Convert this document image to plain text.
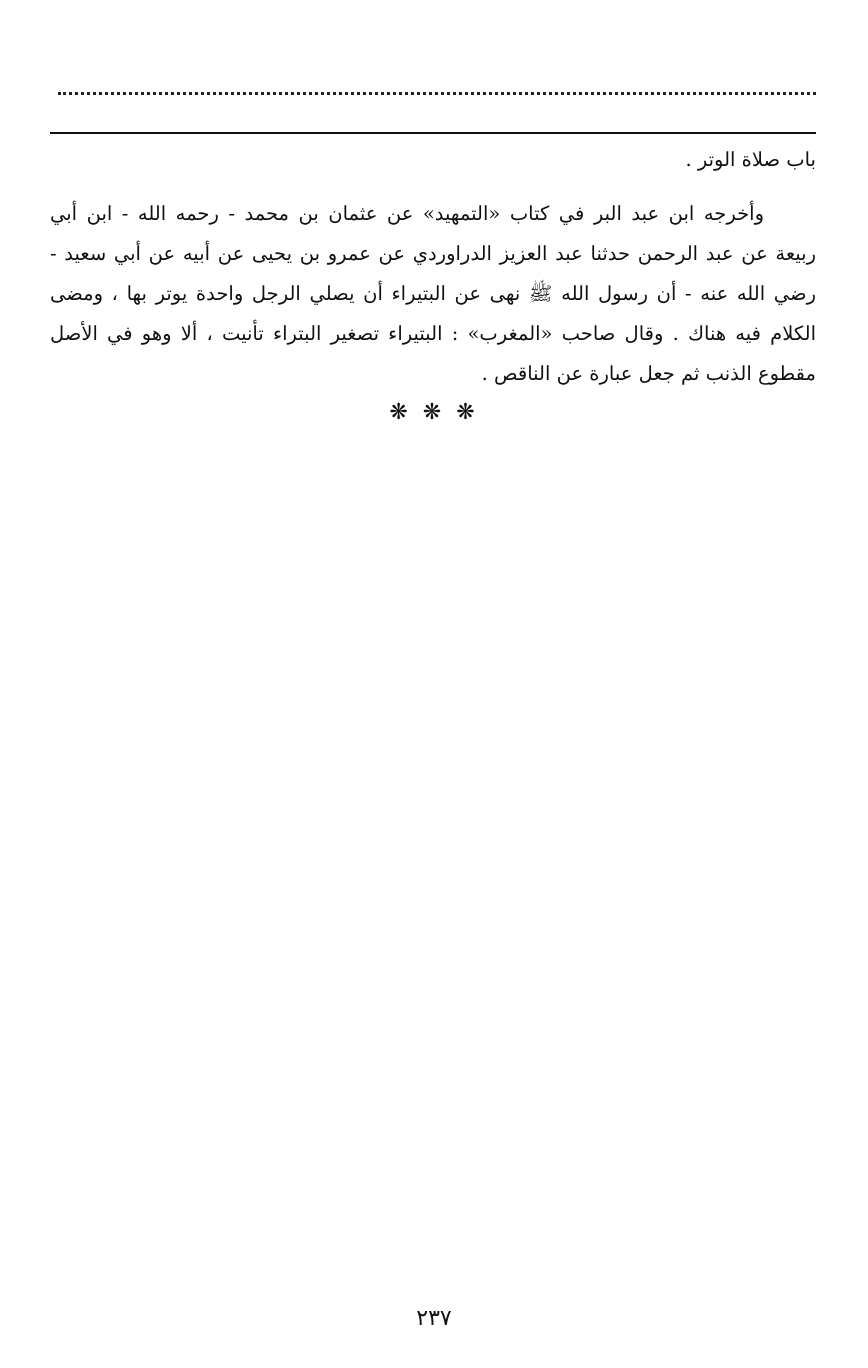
باب صلاة الوتر .
وأخرجه ابن عبد البر في كتاب «التمهيد» عن عثمان بن محمد - رحمه الله - ابن أبي
ربيعة عن عبد الرحمن حدثنا عبد العزيز الدراوردي عن عمرو بن يحيى عن أبيه عن أبي سعيد -
رضي الله عنه - أن رسول الله ﷺ نهى عن البتيراء أن يصلي الرجل واحدة يوتر بها ، ومضى
الكلام فيه هناك . وقال صاحب «المغرب» : البتيراء تصغير البتراء تأنيت ، ألا وهو في الأصل
مقطوع الذنب ثم جعل عبارة عن الناقص .
❋ ❋ ❋
٢٣٧
